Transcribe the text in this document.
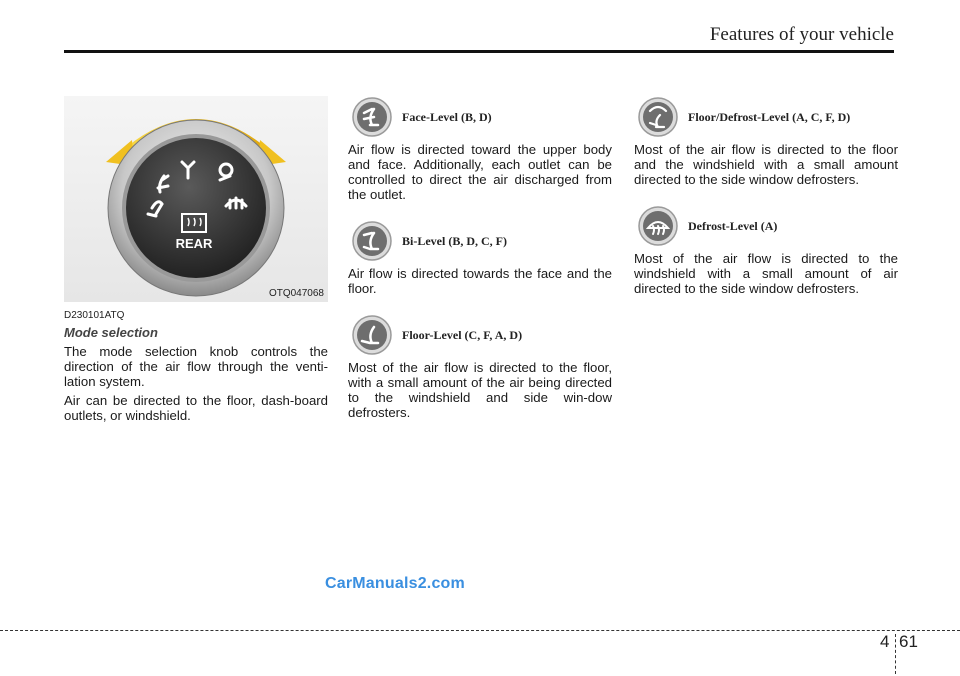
Features of your vehicle
REAR
OTQ047068
D230101ATQ
Mode selection

The mode selection knob controls the direction of the air flow through the venti-lation system.

Air can be directed to the floor, dash-board outlets, or windshield.

Face-Level (B, D)

Air flow is directed toward the upper body and face. Additionally, each outlet can be controlled to direct the air discharged from the outlet.

Bi-Level (B, D, C, F)

Air flow is directed towards the face and the floor.

Floor-Level (C, F, A, D)

Most of the air flow is directed to the floor, with a small amount of the air being directed to the windshield and side win-dow defrosters.

Floor/Defrost-Level (A, C, F, D)

Most of the air flow is directed to the floor and the windshield with a small amount directed to the side window defrosters.

Defrost-Level (A)

Most of the air flow is directed to the windshield with a small amount of air directed to the side window defrosters.

CarManuals2.com
4 61
